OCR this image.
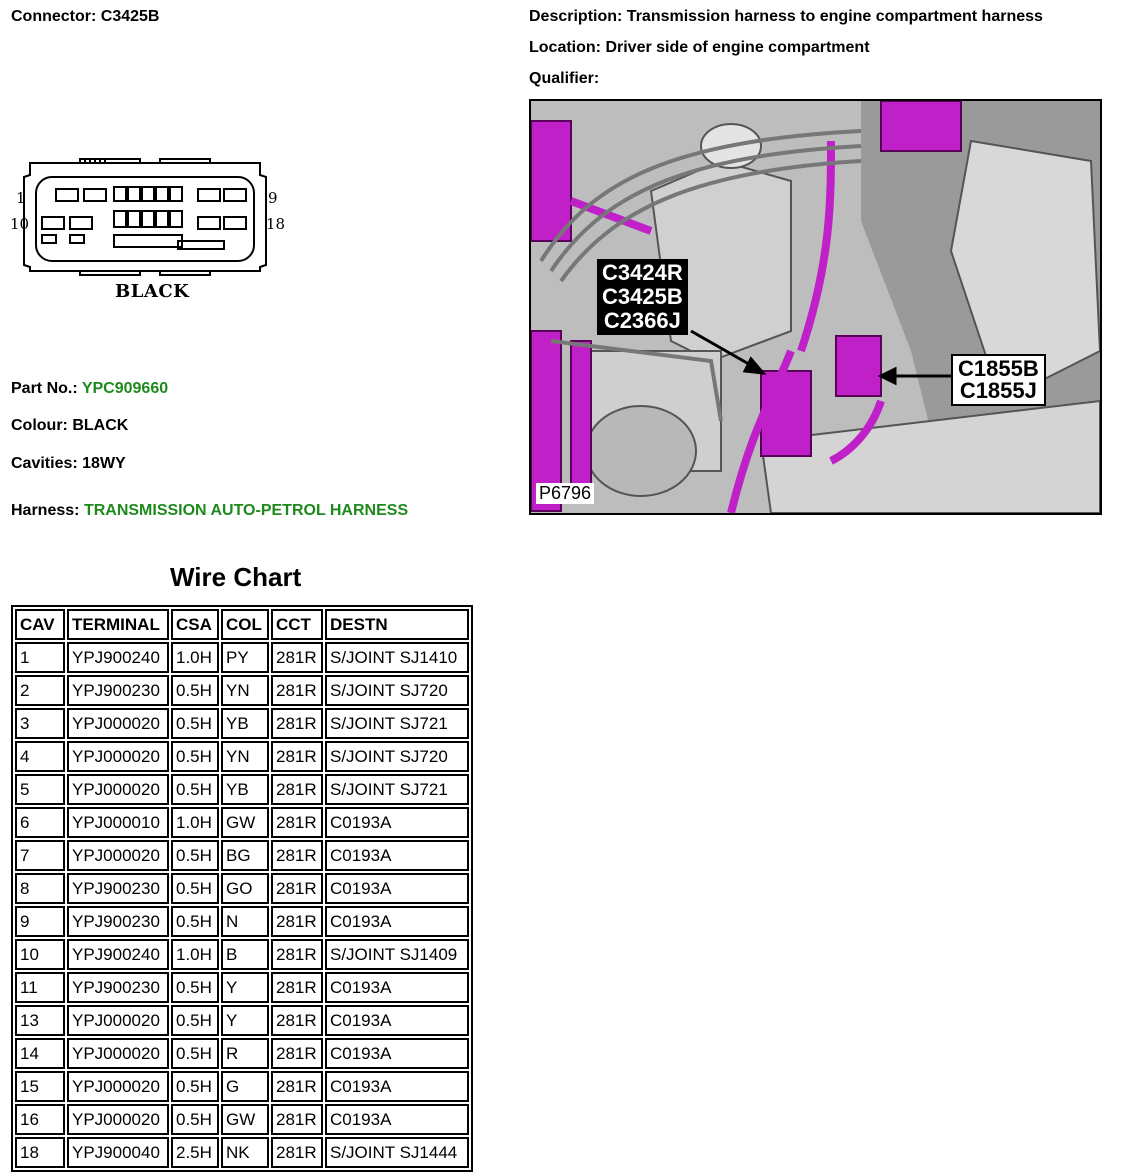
Connector: C3425B	Description: Transmission harness to engine compartment harness
Location: Driver side of engine compartment
Qualifier:
1	9
10	18
BLACK
Part No.: YPC909660
Colour: BLACK
Cavities: 18WY
Harness: TRANSMISSION AUTO-PETROL HARNESS
C3424R
C3425B
C2366J
C1855B
C1855J
P6796
Wire Chart
CAV	TERMINAL	CSA	COL	CCT	DESTN
1	YPJ900240	1.0H	PY	281R	S/JOINT SJ1410
2	YPJ900230	0.5H	YN	281R	S/JOINT SJ720
3	YPJ000020	0.5H	YB	281R	S/JOINT SJ721
4	YPJ000020	0.5H	YN	281R	S/JOINT SJ720
5	YPJ000020	0.5H	YB	281R	S/JOINT SJ721
6	YPJ000010	1.0H	GW	281R	C0193A
7	YPJ000020	0.5H	BG	281R	C0193A
8	YPJ900230	0.5H	GO	281R	C0193A
9	YPJ900230	0.5H	N	281R	C0193A
10	YPJ900240	1.0H	B	281R	S/JOINT SJ1409
11	YPJ900230	0.5H	Y	281R	C0193A
13	YPJ000020	0.5H	Y	281R	C0193A
14	YPJ000020	0.5H	R	281R	C0193A
15	YPJ000020	0.5H	G	281R	C0193A
16	YPJ000020	0.5H	GW	281R	C0193A
18	YPJ900040	2.5H	NK	281R	S/JOINT SJ1444
